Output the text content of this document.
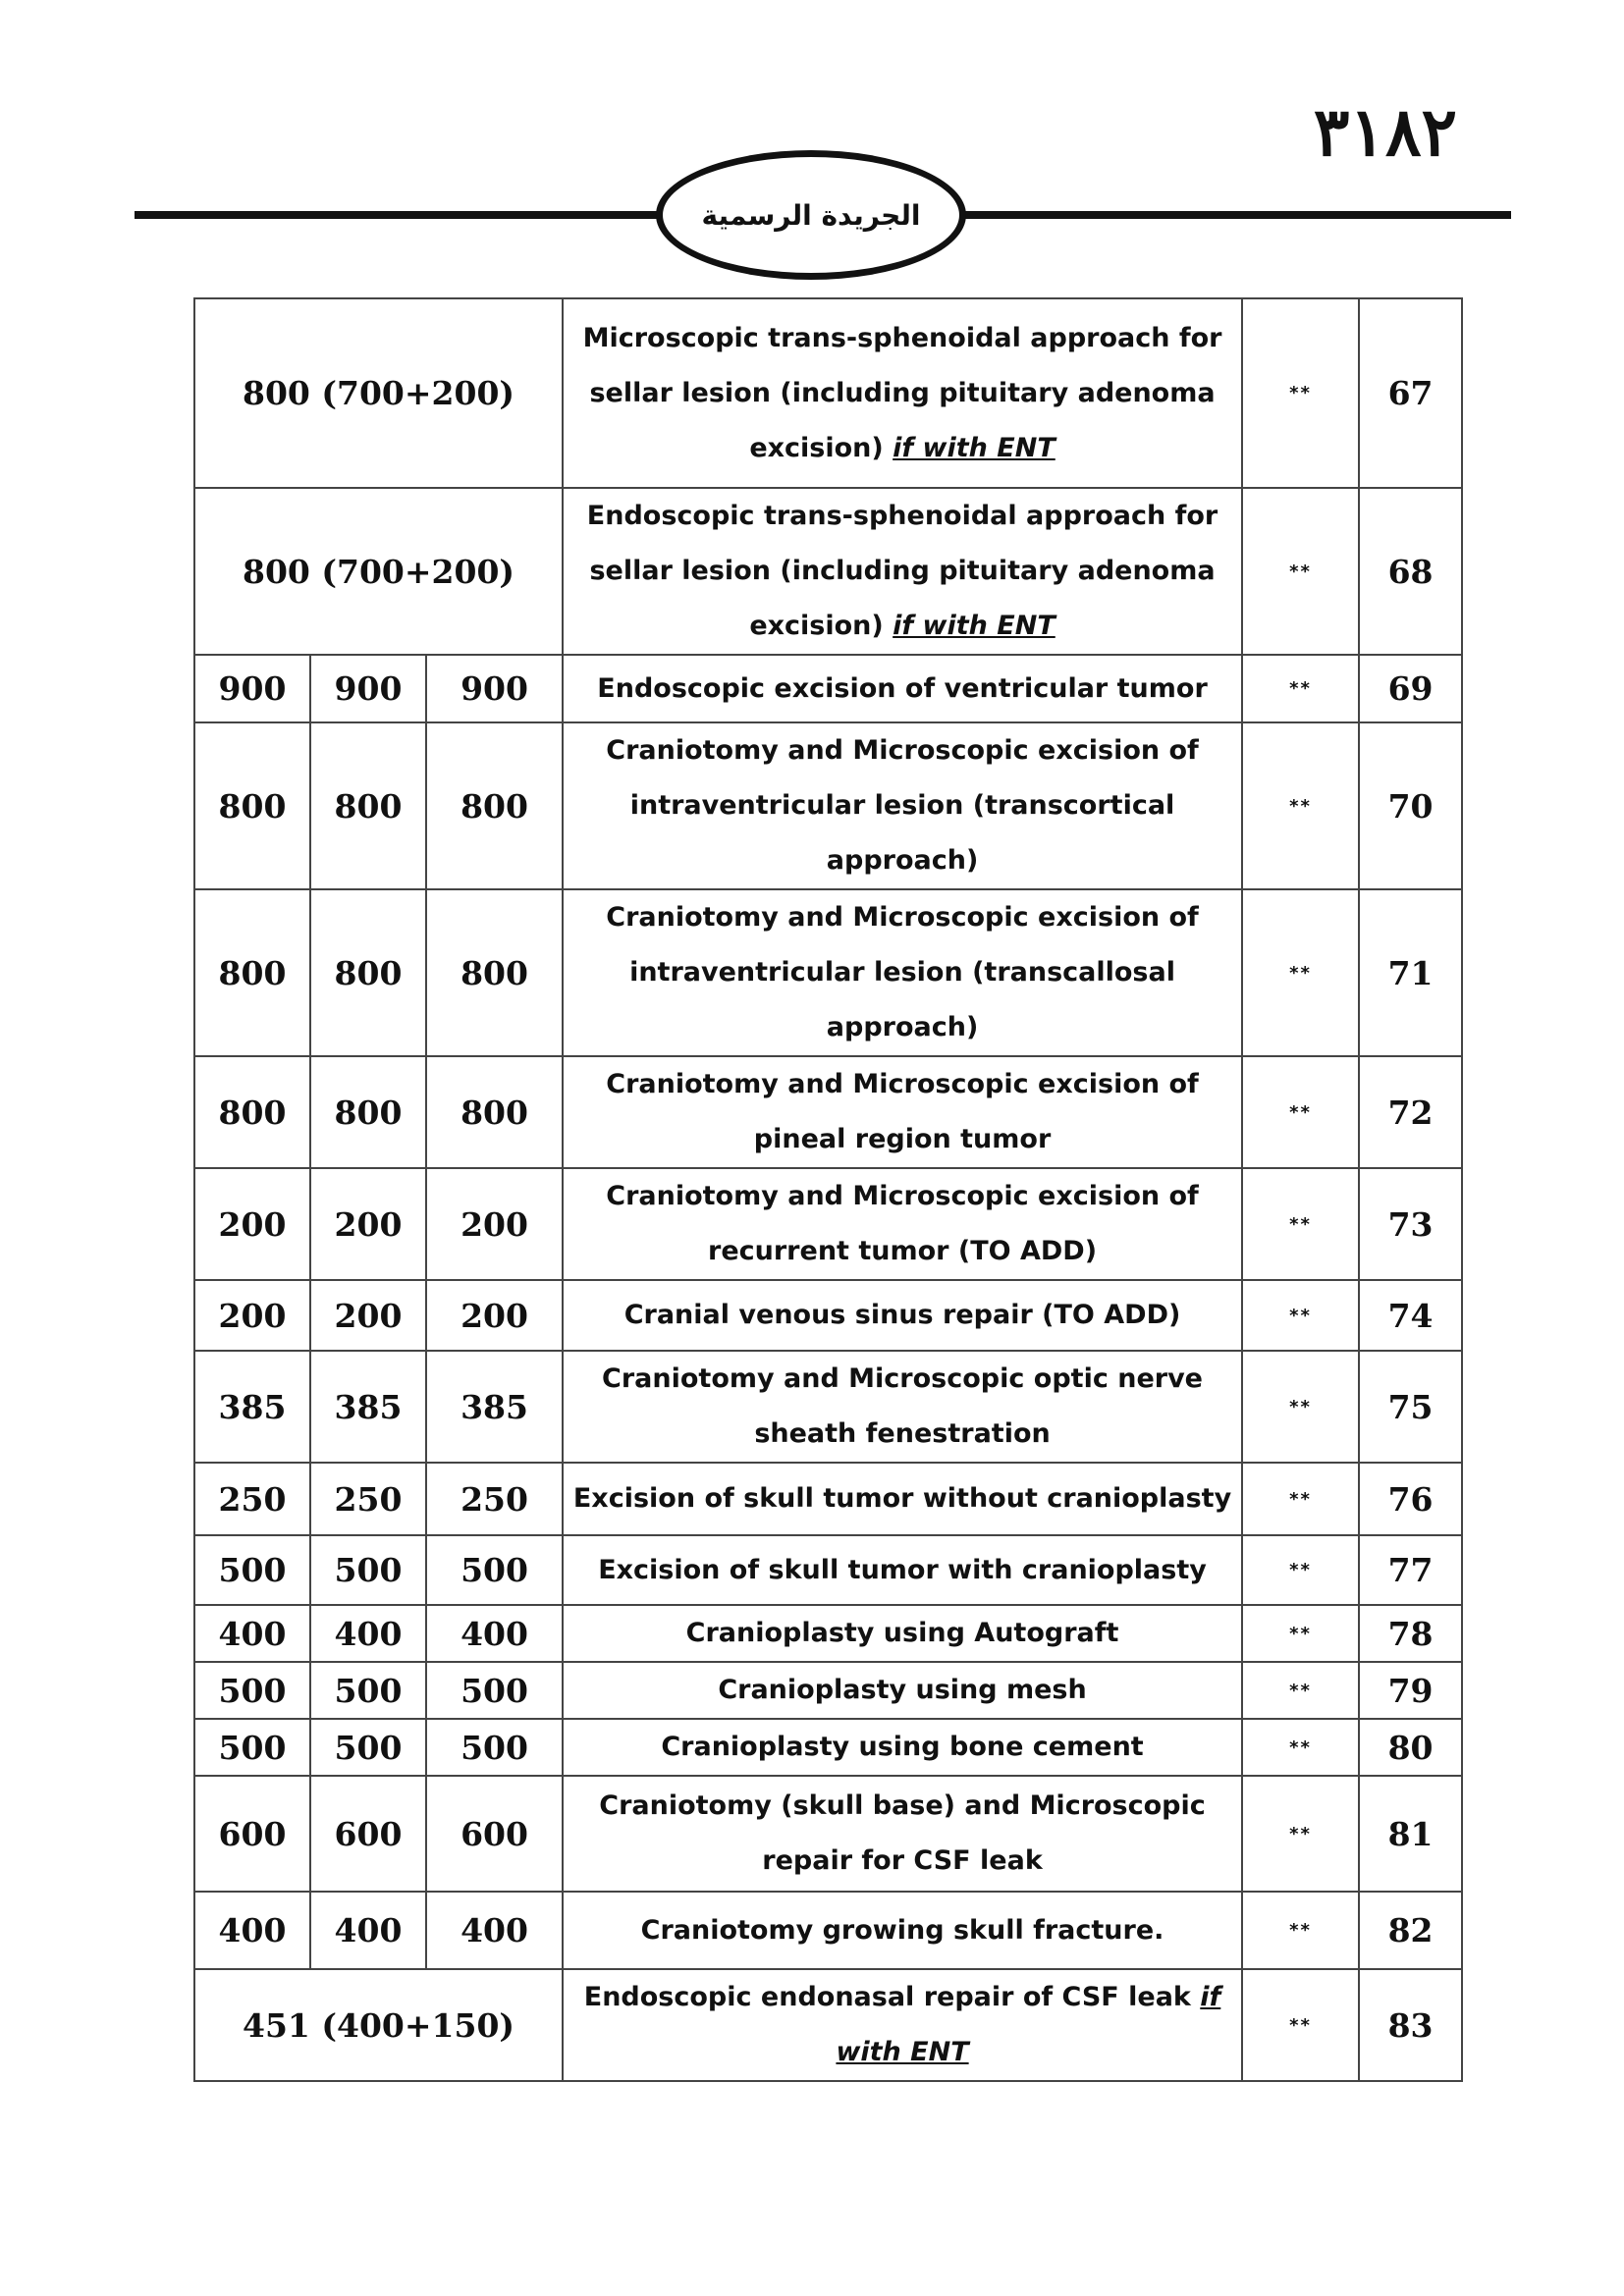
٣١٨٢
الجريدة الرسمية
800 (700+200)			Microscopic trans-sphenoidal approach for sellar lesion (including pituitary adenoma excision) if with ENT	**	67
800 (700+200)			Endoscopic trans-sphenoidal approach for sellar lesion (including pituitary adenoma excision) if with ENT	**	68
900	900	900	Endoscopic excision of ventricular tumor	**	69
800	800	800	Craniotomy and Microscopic excision of intraventricular lesion (transcortical approach)	**	70
800	800	800	Craniotomy and Microscopic excision of intraventricular lesion (transcallosal approach)	**	71
800	800	800	Craniotomy and Microscopic excision of pineal region tumor	**	72
200	200	200	Craniotomy and Microscopic excision of recurrent tumor (TO ADD)	**	73
200	200	200	Cranial venous sinus repair (TO ADD)	**	74
385	385	385	Craniotomy and Microscopic optic nerve sheath fenestration	**	75
250	250	250	Excision of skull tumor without cranioplasty	**	76
500	500	500	Excision of skull tumor with cranioplasty	**	77
400	400	400	Cranioplasty using Autograft	**	78
500	500	500	Cranioplasty using mesh	**	79
500	500	500	Cranioplasty using bone cement	**	80
600	600	600	Craniotomy (skull base) and Microscopic repair for CSF leak	**	81
400	400	400	Craniotomy growing skull fracture.	**	82
451 (400+150)			Endoscopic endonasal repair of CSF leak if with ENT	**	83
